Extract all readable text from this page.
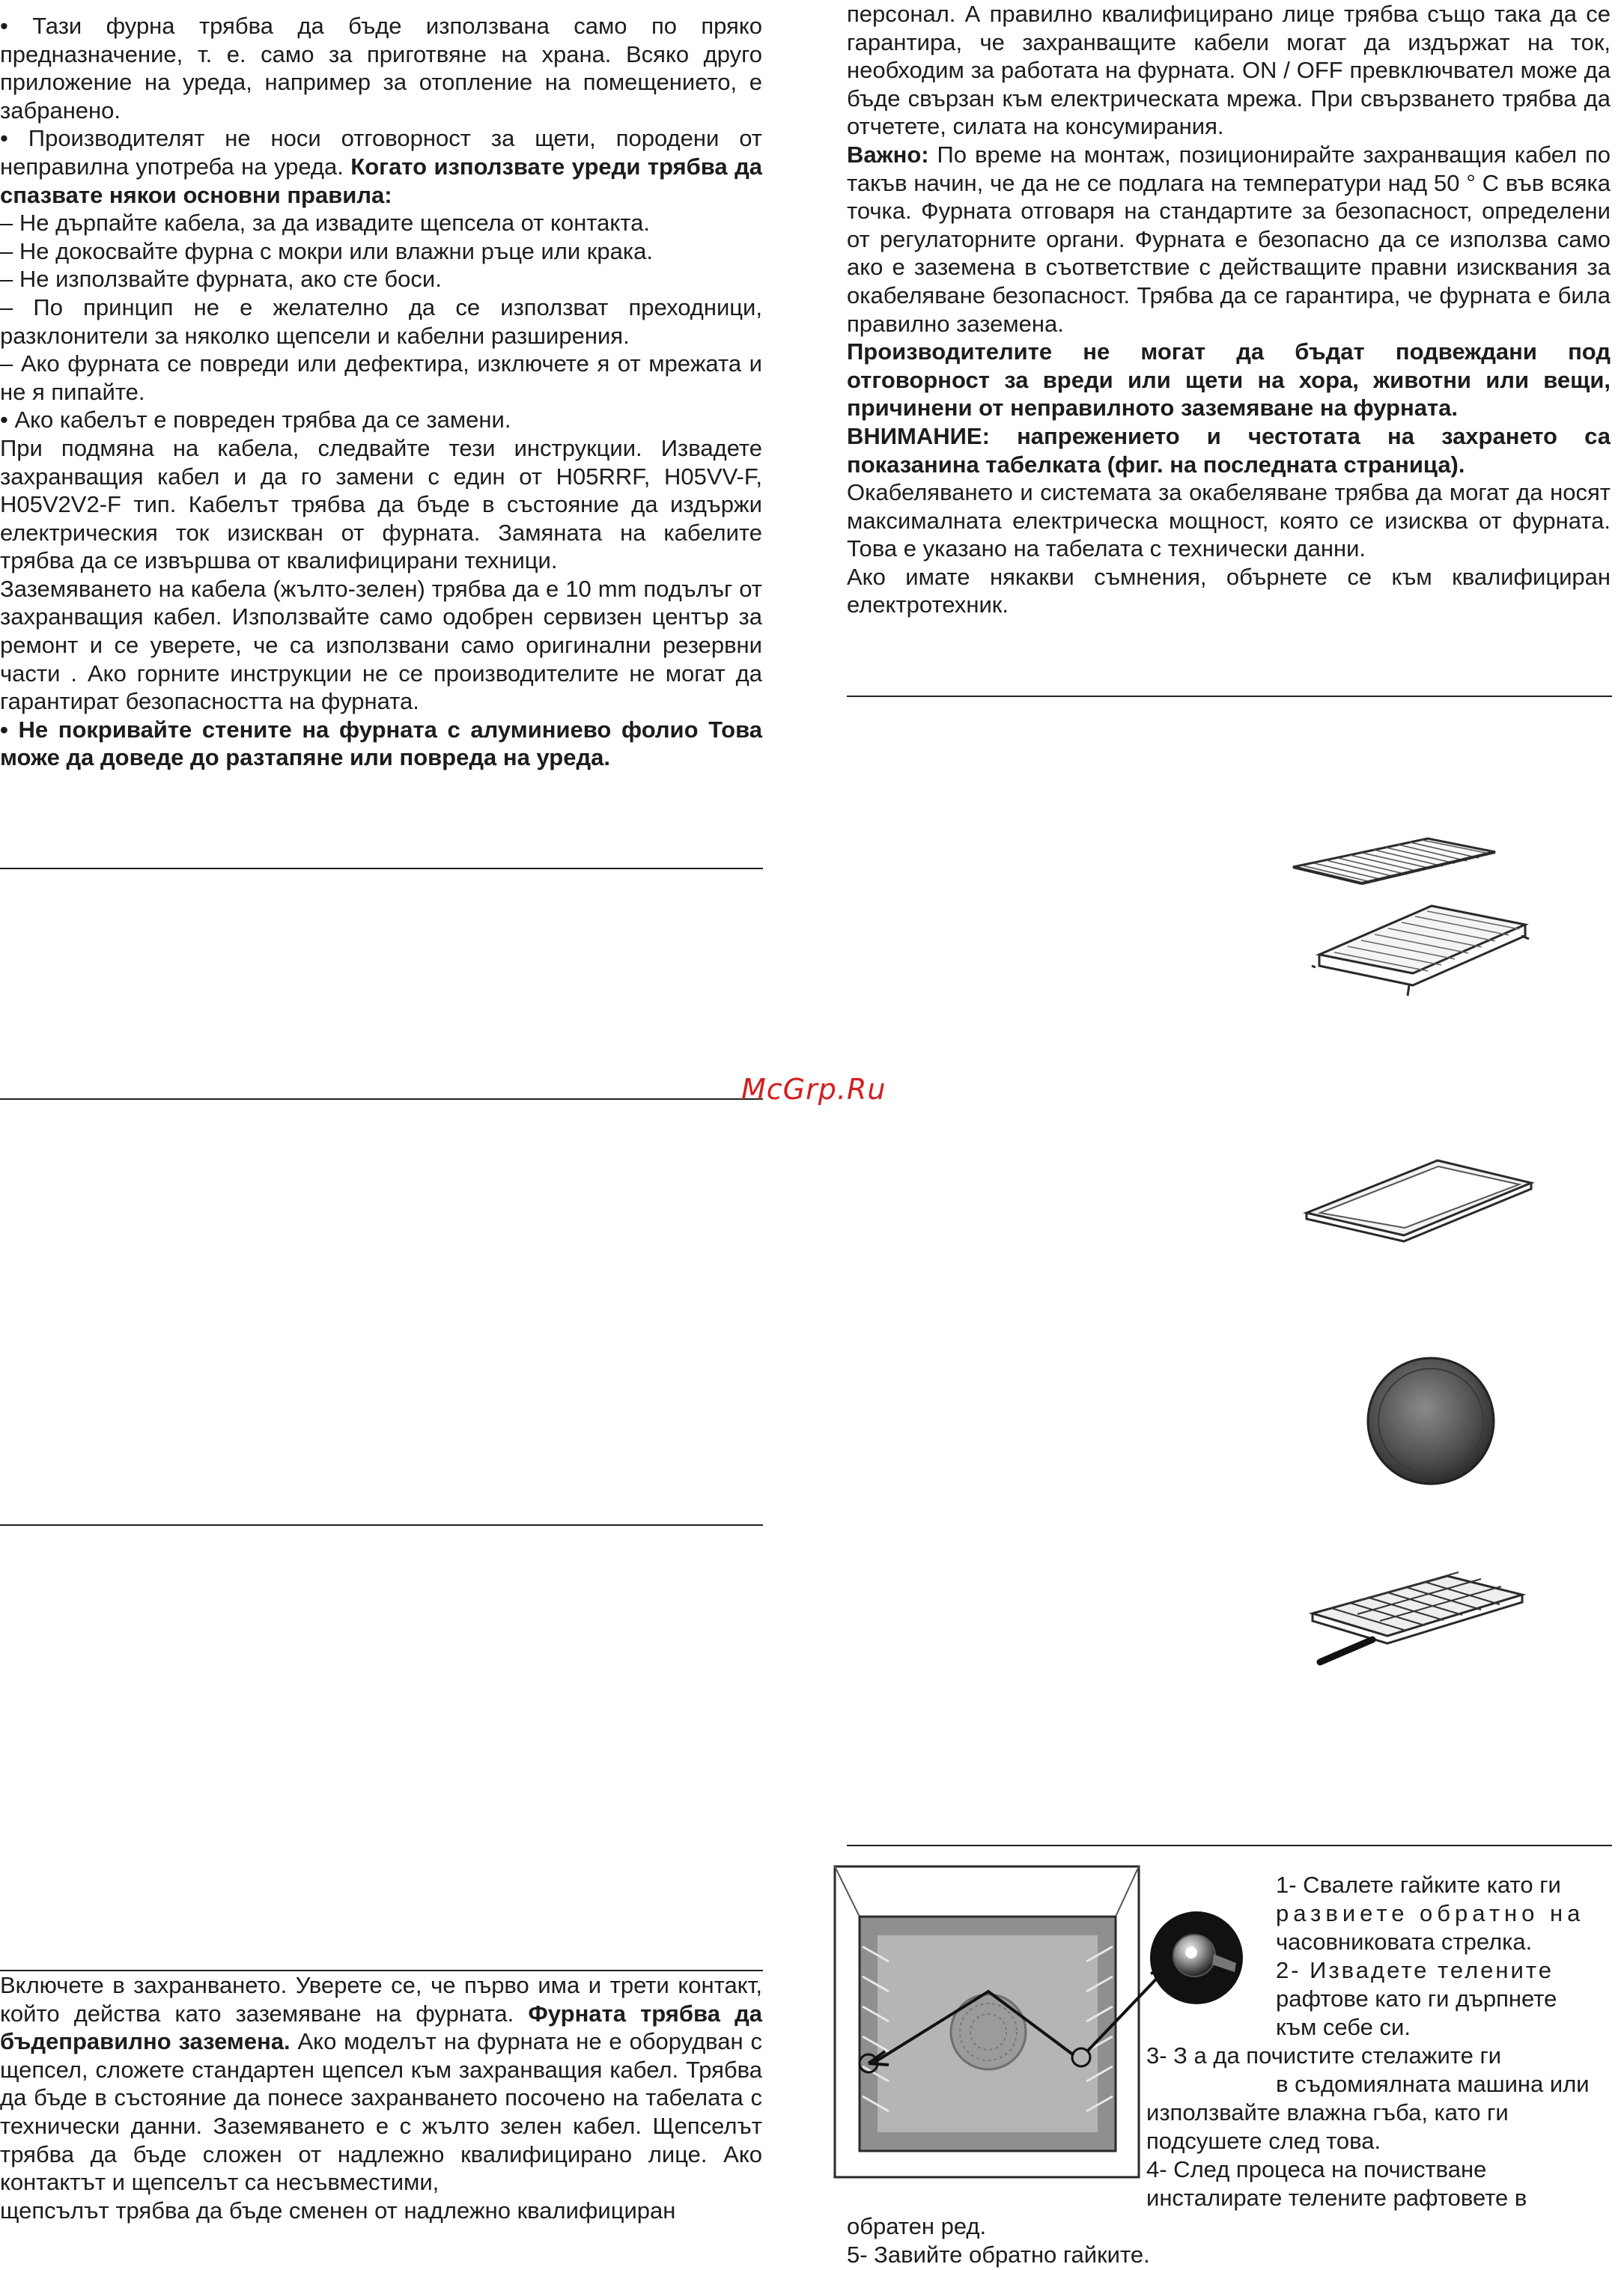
• Тази фурна трябва да бъде използвана само по пряко предназначение, т. е. само за приготвяне на храна. Всяко друго приложение на уреда, например за отопление на помещението, е забранено.

• Производителят не носи отговорност за щети, породени от неправилна употреба на уреда. Когато използвате уреди трябва да спазвате някои основни правила:

– Не дърпайте кабела, за да извадите щепсела от контакта.

– Не докосвайте фурна с мокри или влажни ръце или крака.

– Не използвайте фурната, ако сте боси.

– По принцип не е желателно да се използват преходници, разклонители за няколко щепсели и кабелни разширения.

– Ако фурната се повреди или дефектира, изключете я от мрежата и не я пипайте.

• Ако кабелът е повреден трябва да се замени.

При подмяна на кабела, следвайте тези инструкции. Извадете захранващия кабел и да го замени с един от H05RRF, H05VV-F, H05V2V2-F тип. Кабелът трябва да бъде в състояние да издържи електрическия ток изискван от фурната. Замяната на кабелите трябва да се извършва от квалифицирани техници.

Заземяването на кабела (жълто-зелен) трябва да е 10 mm подълъг от захранващия кабел. Използвайте само одобрен сервизен център за ремонт и се уверете, че са използвани само оригинални резервни части . Ако горните инструкции не се производителите не могат да гарантират безопасността на фурната.

• Не покривайте стените на фурната с алуминиево фолио Това може да доведе до разтапяне или повреда на уреда.

персонал. А правилно квалифицирано лице трябва също така да се гарантира, че захранващите кабели могат да издържат на ток, необходим за работата на фурната. ON / OFF превключвател може да бъде свързан към електрическата мрежа. При свързването трябва да отчетете, силата на консумирания.

Важно: По време на монтаж, позиционирайте захранващия кабел по такъв начин, че да не се подлага на температури над 50 ° С във всяка точка. Фурната отговаря на стандартите за безопасност, определени от регулаторните органи. Фурната е безопасно да се използва само ако е заземена в съответствие с действащите правни изисквания за окабеляване безопасност. Трябва да се гарантира, че фурната е била правилно заземена.

Производителите не могат да бъдат подвеждани под отговорност за вреди или щети на хора, животни или вещи, причинени от неправилното заземяване на фурната.

ВНИМАНИЕ: напрежението и честотата на захрането са показанина табелката (фиг. на последната страница).

Окабеляването и системата за окабеляване трябва да могат да носят максималната електрическа мощност, която се изисква от фурната. Това е указано на табелата с технически данни.

Ако имате някакви съмнения, обърнете се към квалифициран електротехник.

McGrp.Ru

1- Свалете гайките като ги

развиете обратно на

часовниковата стрелка.

2- Извадете телените

рафтове като ги дърпнете

към себе си.

3- З а да почистите стелажите ги

в съдомиялната машина или

използвайте влажна гъба, като ги

подсушете след това.

4- След процеса на почистване

инсталирате телените рафтовете в

обратен ред.

5- Завийте обратно гайките.

Включете в захранването. Уверете се, че първо има и трети контакт, който действа като заземяване на фурната. Фурната трябва да бъдеправилно заземена. Ако моделът на фурната не е оборудван с щепсел, сложете стандартен щепсел към захранващия кабел. Трябва да бъде в състояние да понесе захранването посочено на табелата с технически данни. Заземяването е с жълто зелен кабел. Щепселът трябва да бъде сложен от надлежно квалифицирано лице. Ако контактът и щепселът са несъвместими,

щепсълът трябва да бъде сменен от надлежно квалифициран
